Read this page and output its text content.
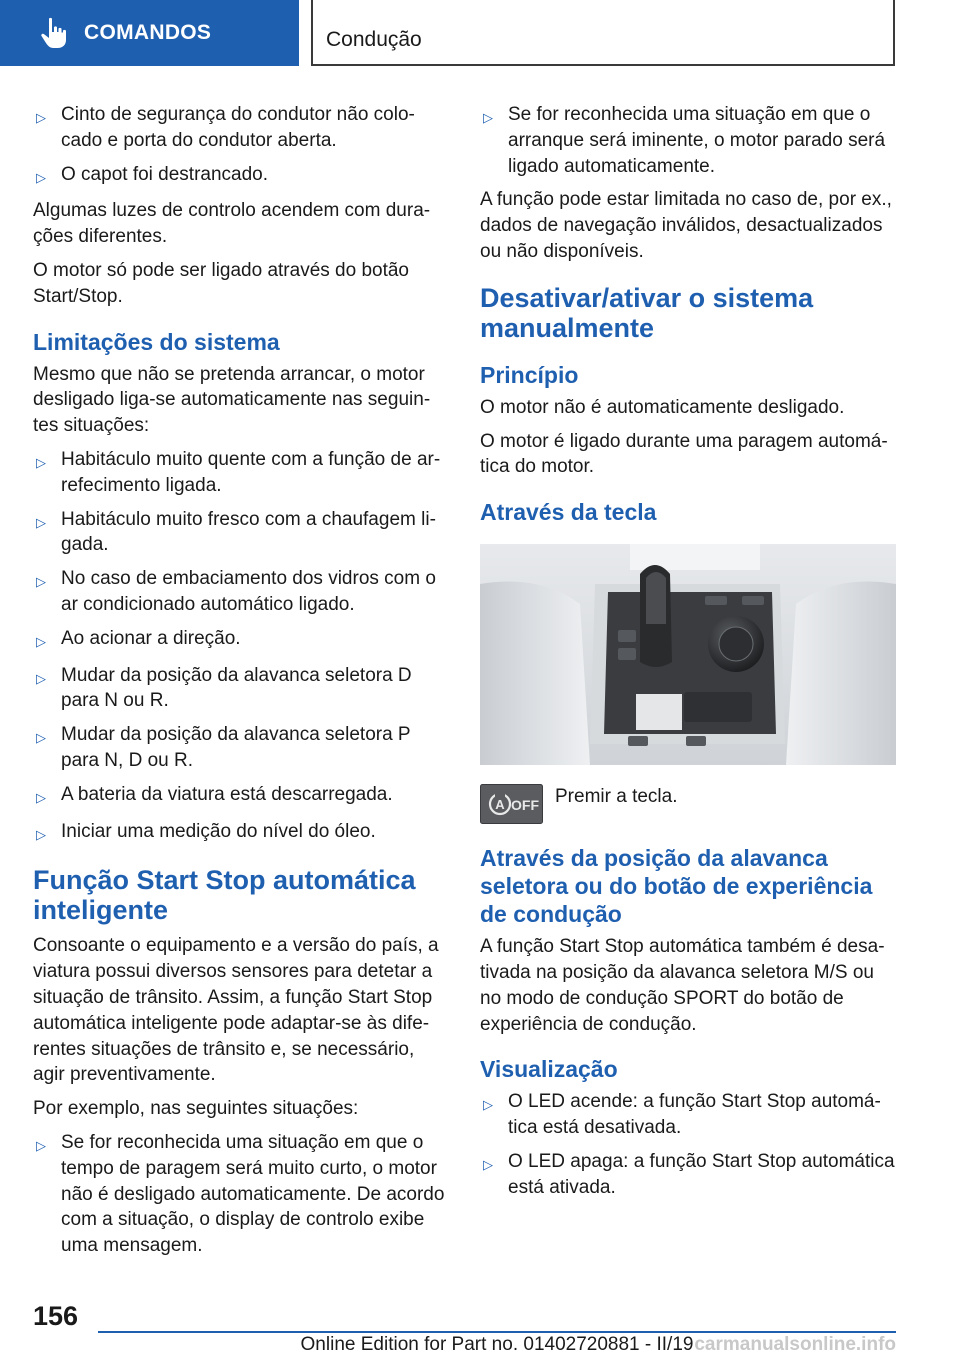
COMANDOS	Condução
▷ Cinto de segurança do condutor não colocado e porta do condutor aberta.
▷ O capot foi destrancado.

Algumas luzes de controlo acendem com durações diferentes.

O motor só pode ser ligado através do botão Start/Stop.

Limitações do sistema

Mesmo que não se pretenda arrancar, o motor desligado liga-se automaticamente nas seguintes situações:

▷ Habitáculo muito quente com a função de arrefecimento ligada.
▷ Habitáculo muito fresco com a chaufagem ligada.
▷ No caso de embaciamento dos vidros com o ar condicionado automático ligado.
▷ Ao acionar a direção.
▷ Mudar da posição da alavanca seletora D para N ou R.
▷ Mudar da posição da alavanca seletora P para N, D ou R.
▷ A bateria da viatura está descarregada.
▷ Iniciar uma medição do nível do óleo.
Função Start Stop automática inteligente

Consoante o equipamento e a versão do país, a viatura possui diversos sensores para detetar a situação de trânsito. Assim, a função Start Stop automática inteligente pode adaptar-se às diferentes situações de trânsito e, se necessário, agir preventivamente.

Por exemplo, nas seguintes situações:

▷ Se for reconhecida uma situação em que o tempo de paragem será muito curto, o motor não é desligado automaticamente. De acordo com a situação, o display de controlo exibe uma mensagem.
▷ Se for reconhecida uma situação em que o arranque será iminente, o motor parado será ligado automaticamente.

A função pode estar limitada no caso de, por ex., dados de navegação inválidos, desactualizados ou não disponíveis.

Desativar/ativar o sistema manualmente
Princípio

O motor não é automaticamente desligado.

O motor é ligado durante uma paragem automática do motor.

Através da tecla
A OFF Premir a tecla.

Através da posição da alavanca seletora ou do botão de experiência de condução

A função Start Stop automática também é desativada na posição da alavanca seletora M/S ou no modo de condução SPORT do botão de experiência de condução.

Visualização
▷ O LED acende: a função Start Stop automática está desativada.
▷ O LED apaga: a função Start Stop automática está ativada.
156
Online Edition for Part no. 01402720881 - II/19 carmanualsonline.info
